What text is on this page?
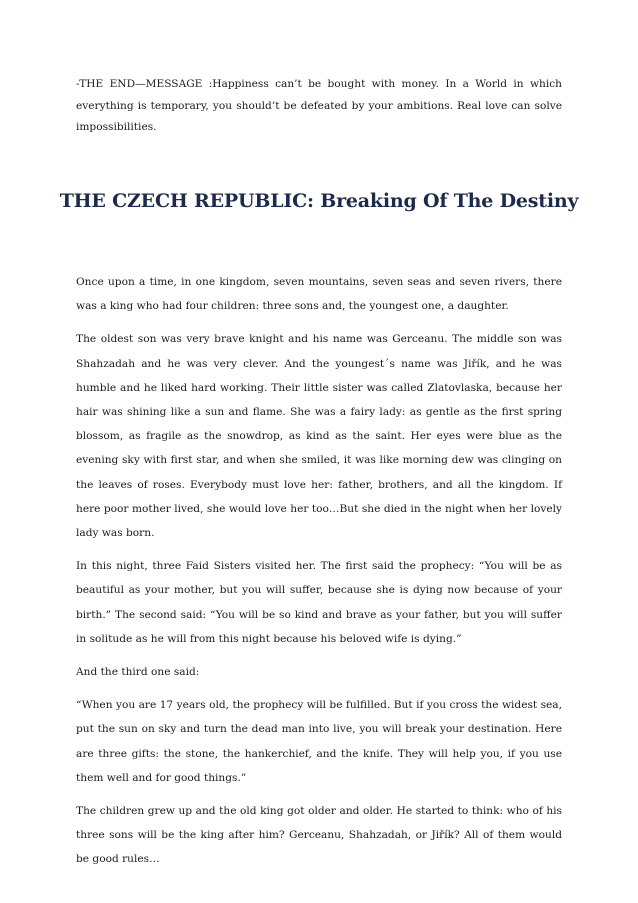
-THE END—MESSAGE :Happiness can’t be bought with money. In a World in which everything is temporary, you should’t be defeated by your ambitions. Real love can solve impossibilities.

THE CZECH REPUBLIC: Breaking Of The Destiny

Once upon a time, in one kingdom, seven mountains, seven seas and seven rivers, there was a king who had four children: three sons and, the youngest one, a daughter.

The oldest son was very brave knight and his name was Gerceanu. The middle son was Shahzadah and he was very clever. And the youngest´s name was Jiřík, and he was humble and he liked hard working. Their little sister was called Zlatovlaska, because her hair was shining like a sun and flame. She was a fairy lady: as gentle as the first spring blossom, as fragile as the snowdrop, as kind as the saint. Her eyes were blue as the evening sky with first star, and when she smiled, it was like morning dew was clinging on the leaves of roses. Everybody must love her: father, brothers, and all the kingdom. If here poor mother lived, she would love her too…But she died in the night when her lovely lady was born.

In this night, three Faid Sisters visited her. The first said the prophecy: “You will be as beautiful as your mother, but you will suffer, because she is dying now because of your birth.” The second said: “You will be so kind and brave as your father, but you will suffer in solitude as he will from this night because his beloved wife is dying.”

And the third one said:

“When you are 17 years old, the prophecy will be fulfilled. But if you cross the widest sea, put the sun on sky and turn the dead man into live, you will break your destination. Here are three gifts: the stone, the hankerchief, and the knife. They will help you, if you use them well and for good things.”

The children grew up and the old king got older and older. He started to think: who of his three sons will be the king after him? Gerceanu, Shahzadah, or Jiřík? All of them would be good rules…
